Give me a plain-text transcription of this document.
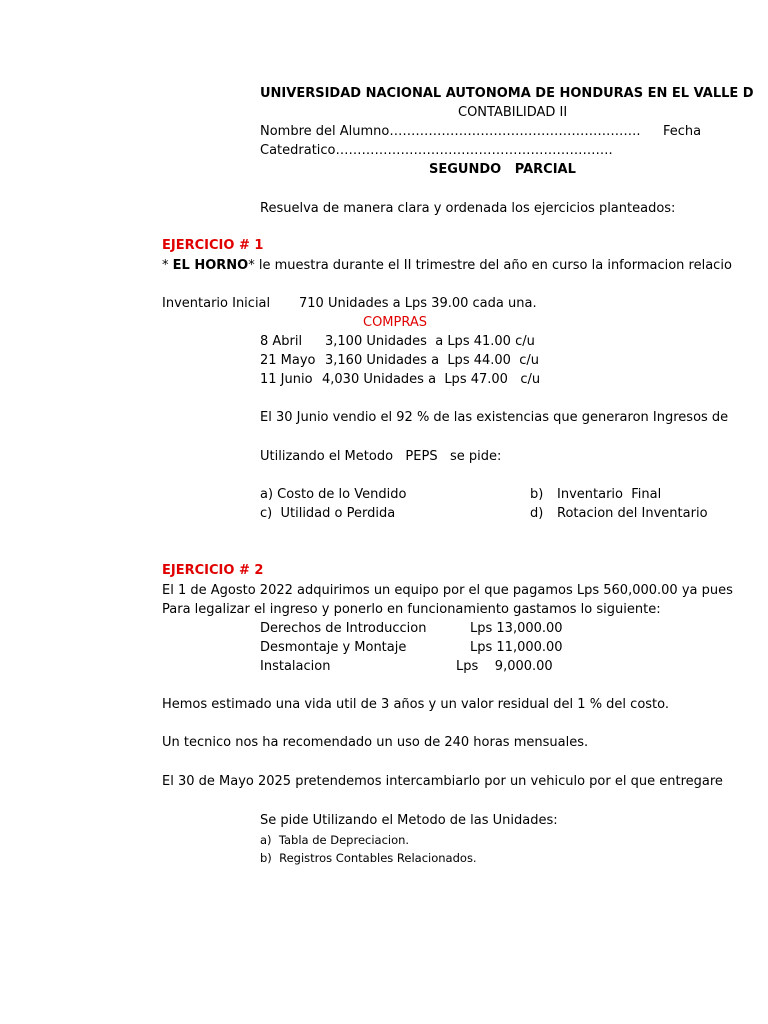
UNIVERSIDAD NACIONAL AUTONOMA DE HONDURAS EN EL VALLE D
CONTABILIDAD II
Nombre del Alumno…………………………………………………. Fecha
Catedratico……………………………………………………….
SEGUNDO   PARCIAL
Resuelva de manera clara y ordenada los ejercicios planteados:
EJERCICIO # 1
* EL HORNO* le muestra durante el II trimestre del año en curso la informacion relacio
Inventario Inicial 710 Unidades a Lps 39.00 cada una.
COMPRAS
8 Abril 3,100 Unidades  a Lps 41.00 c/u
21 Mayo 3,160 Unidades a  Lps 44.00  c/u
11 Junio 4,030 Unidades a  Lps 47.00   c/u
El 30 Junio vendio el 92 % de las existencias que generaron Ingresos de
Utilizando el Metodo   PEPS   se pide:
a) Costo de lo Vendido	b) Inventario  Final
c)  Utilidad o Perdida	d) Rotacion del Inventario
EJERCICIO # 2
El 1 de Agosto 2022 adquirimos un equipo por el que pagamos Lps 560,000.00 ya pues
Para legalizar el ingreso y ponerlo en funcionamiento gastamos lo siguiente:
Derechos de Introduccion	Lps 13,000.00
Desmontaje y Montaje	Lps 11,000.00
Instalacion	Lps    9,000.00
Hemos estimado una vida util de 3 años y un valor residual del 1 % del costo.
Un tecnico nos ha recomendado un uso de 240 horas mensuales.
El 30 de Mayo 2025 pretendemos intercambiarlo por un vehiculo por el que entregare
Se pide Utilizando el Metodo de las Unidades:
a)  Tabla de Depreciacion.
b)  Registros Contables Relacionados.
